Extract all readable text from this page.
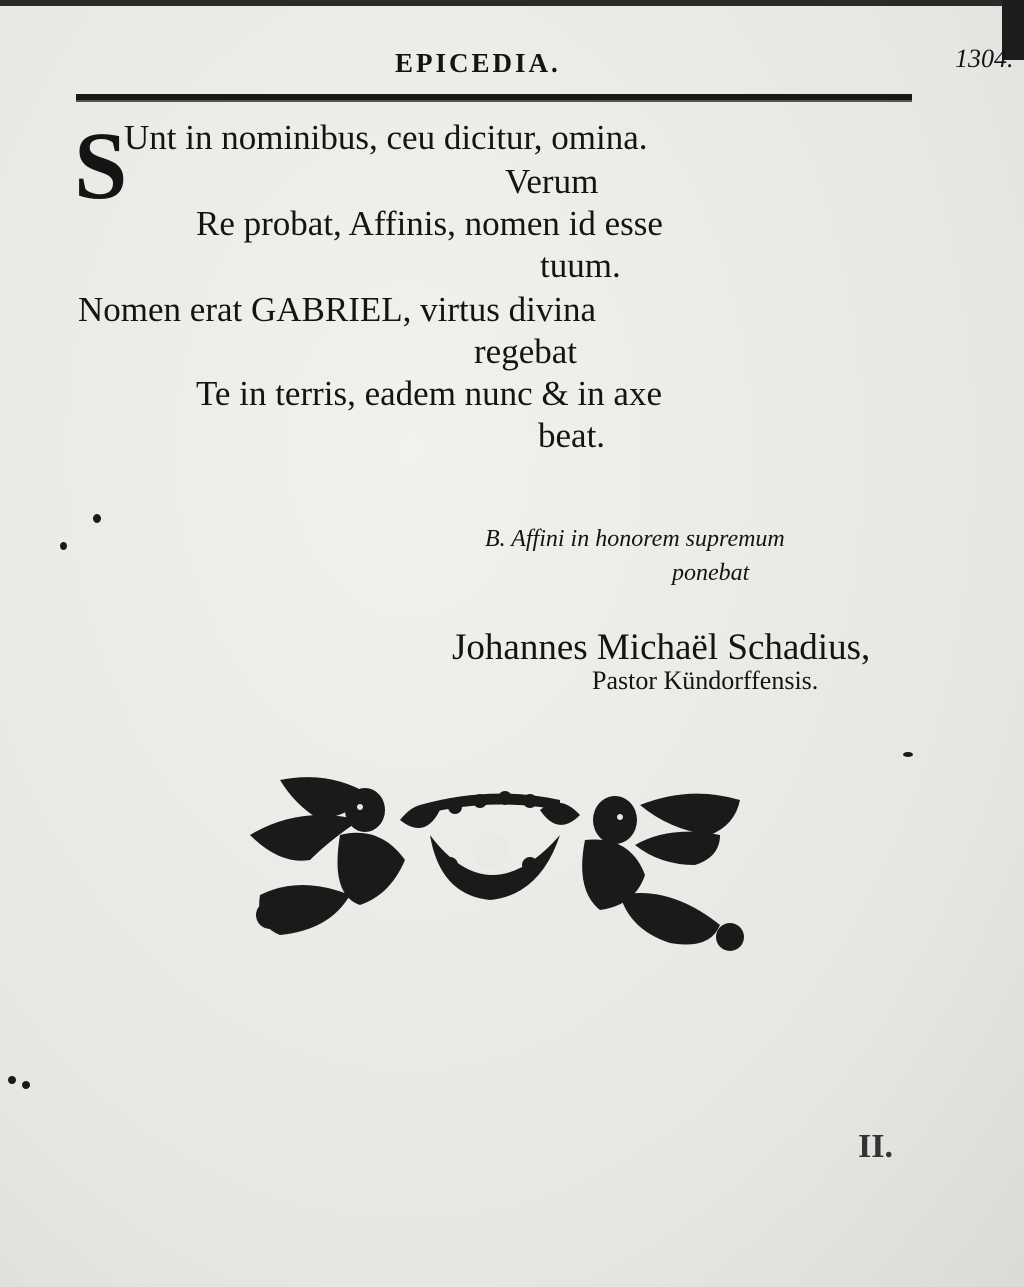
EPICEDIA.	1304.
S
Unt in nominibus, ceu dicitur, omina.
Verum
Re probat, Affinis, nomen id esse
tuum.
Nomen erat GABRIEL, virtus divina
regebat
Te in terris, eadem nunc & in axe
beat.
B. Affini in honorem supremum
ponebat
Johannes Michaël Schadius,
Pastor Kündorffensis.
II.
